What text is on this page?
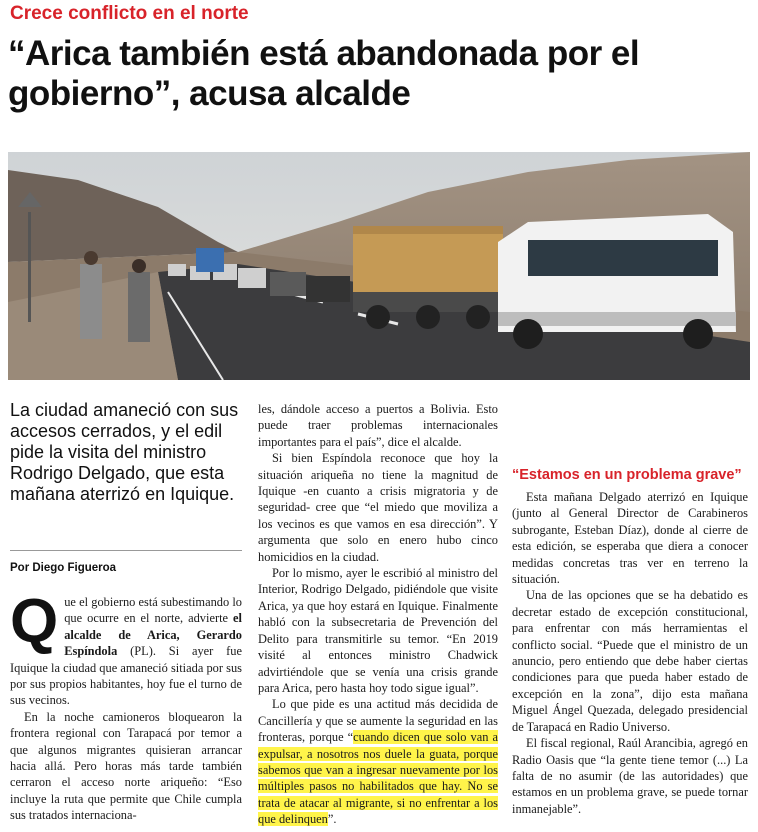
Crece conflicto en el norte
“Arica también está abandonada por el gobierno”, acusa alcalde
La ciudad amaneció con sus accesos cerrados, y el edil pide la visita del ministro Rodrigo Delgado, que esta mañana aterrizó en Iquique.
Por Diego Figueroa

Que el gobierno está subestimando lo que ocurre en el norte, advierte el alcalde de Arica, Gerardo Espíndola (PL). Si ayer fue Iquique la ciudad que amaneció sitiada por sus por sus propios habitantes, hoy fue el turno de sus vecinos.

En la noche camioneros bloquearon la frontera regional con Tarapacá por temor a que algunos migrantes quisieran arrancar hacia allá. Pero horas más tarde también cerraron el acceso norte ariqueño: “Eso incluye la ruta que permite que Chile cumpla sus tratados internaciona-

les, dándole acceso a puertos a Bolivia. Esto puede traer problemas internacionales importantes para el país”, dice el alcalde.

Si bien Espíndola reconoce que hoy la situación ariqueña no tiene la magnitud de Iquique -en cuanto a crisis migratoria y de seguridad- cree que “el miedo que moviliza a los vecinos es que vamos en esa dirección”. Y argumenta que solo en enero hubo cinco homicidios en la ciudad.

Por lo mismo, ayer le escribió al ministro del Interior, Rodrigo Delgado, pidiéndole que visite Arica, ya que hoy estará en Iquique. Finalmente habló con la subsecretaria de Prevención del Delito para transmitirle su temor. “En 2019 visité al entonces ministro Chadwick advirtiéndole que se venía una crisis grande para Arica, pero hasta hoy todo sigue igual”.

Lo que pide es una actitud más decidida de Cancillería y que se aumente la seguridad en las fronteras, porque “cuando dicen que solo van a expulsar, a nosotros nos duele la guata, porque sabemos que van a ingresar nuevamente por los múltiples pasos no habilitados que hay. No se trata de atacar al migrante, si no enfrentar a los que delinquen”.

“Estamos en un problema grave”

Esta mañana Delgado aterrizó en Iquique (junto al General Director de Carabineros subrogante, Esteban Díaz), donde al cierre de esta edición, se esperaba que diera a conocer medidas concretas tras ver en terreno la situación.

Una de las opciones que se ha debatido es decretar estado de excepción constitucional, para enfrentar con más herramientas el conflicto social. “Puede que el ministro de un anuncio, pero entiendo que debe haber ciertas condiciones para que pueda haber estado de excepción en la zona”, dijo esta mañana Miguel Ángel Quezada, delegado presidencial de Tarapacá en Radio Universo.

El fiscal regional, Raúl Arancibia, agregó en Radio Oasis que “la gente tiene temor (...) La falta de no asumir (de las autoridades) que estamos en un problema grave, se puede tornar inmanejable”.
